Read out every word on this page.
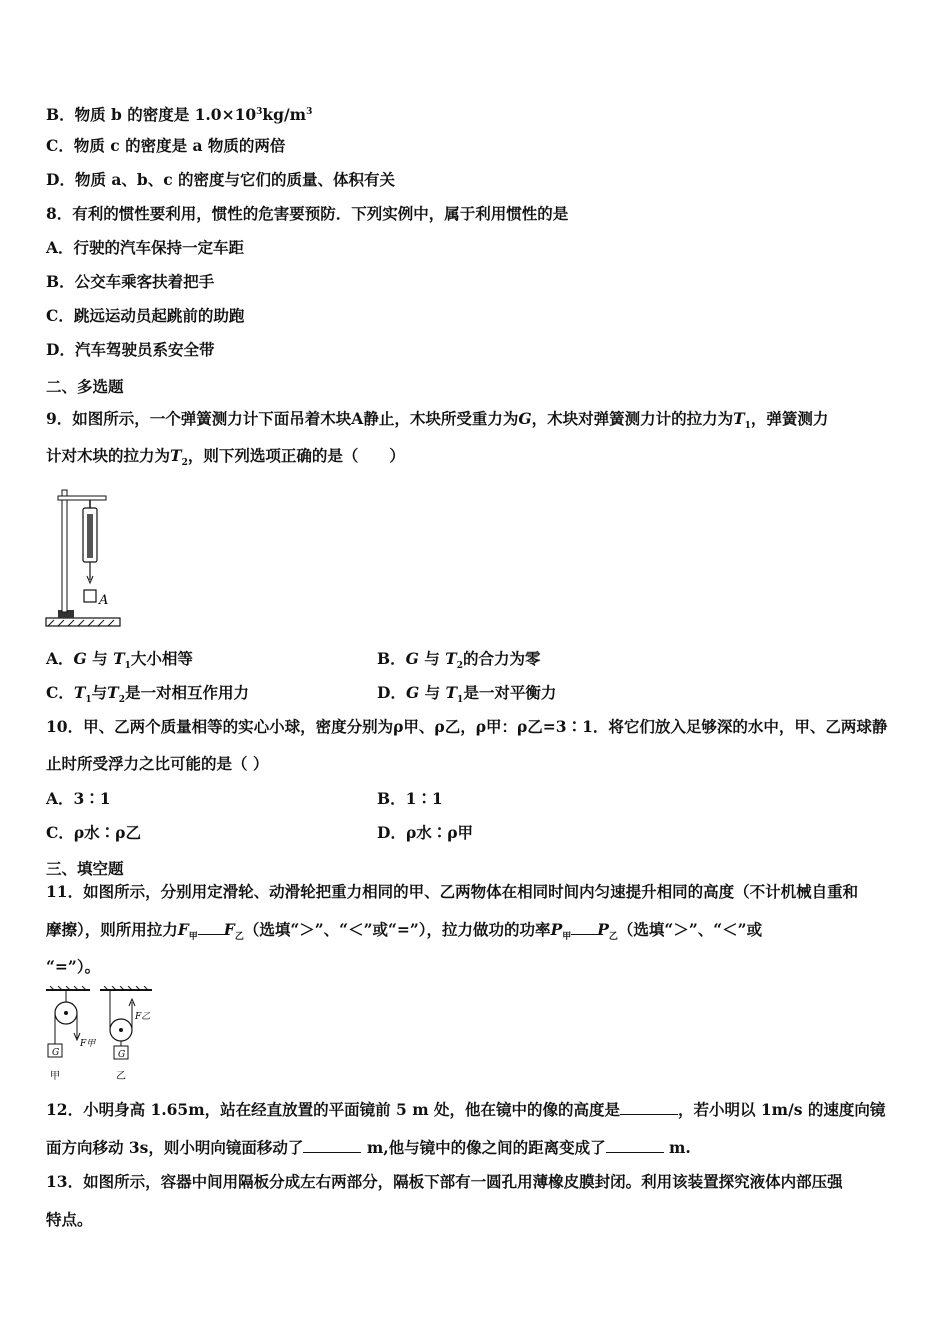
B．物质 b 的密度是 $1.0\times 10^3kg/m^3$
C．物质 c 的密度是 a 物质的两倍
D．物质 a、b、c 的密度与它们的质量、体积有关
8．有利的惯性要利用，惯性的危害要预防．下列实例中，属于利用惯性的是
A．行驶的汽车保持一定车距
B．公交车乘客扶着把手
C．跳远运动员起跳前的助跑
D．汽车驾驶员系安全带
二、多选题
9．如图所示，一个弹簧测力计下面吊着木块A静止，木块所受重力为G，木块对弹簧测力计的拉力为$T_1$，弹簧测力
计对木块的拉力为$T_2$，则下列选项正确的是（　　）
A
A．G 与 $T_1$大小相等	B．G 与 $T_2$的合力为零
C．$T_1$与$T_2$是一对相互作用力	D．G 与 $T_1$是一对平衡力
10．甲、乙两个质量相等的实心小球，密度分别为ρ甲、ρ乙，ρ甲：ρ乙=3∶1．将它们放入足够深的水中，甲、乙两球静
止时所受浮力之比可能的是（ ）
A．3∶1	B．1∶1
C．ρ水∶ρ乙	D．ρ水∶ρ甲
三、填空题
11．如图所示，分别用定滑轮、动滑轮把重力相同的甲、乙两物体在相同时间内匀速提升相同的高度（不计机械自重和
摩擦），则所用拉力$F_甲$ $F_乙$（选填“＞”、“＜”或“=”），拉力做功的功率$P_甲$ $P_乙$（选填“＞”、“＜”或
“=”）。
F甲
G
甲
F乙
G
乙
12．小明身高 1.65m，站在经直放置的平面镜前 5 m 处，他在镜中的像的高度是	，若小明以 1m/s 的速度向镜
面方向移动 3s，则小明向镜面移动了	m,他与镜中的像之间的距离变成了	m.
13．如图所示，容器中间用隔板分成左右两部分，隔板下部有一圆孔用薄橡皮膜封闭。利用该装置探究液体内部压强
特点。
